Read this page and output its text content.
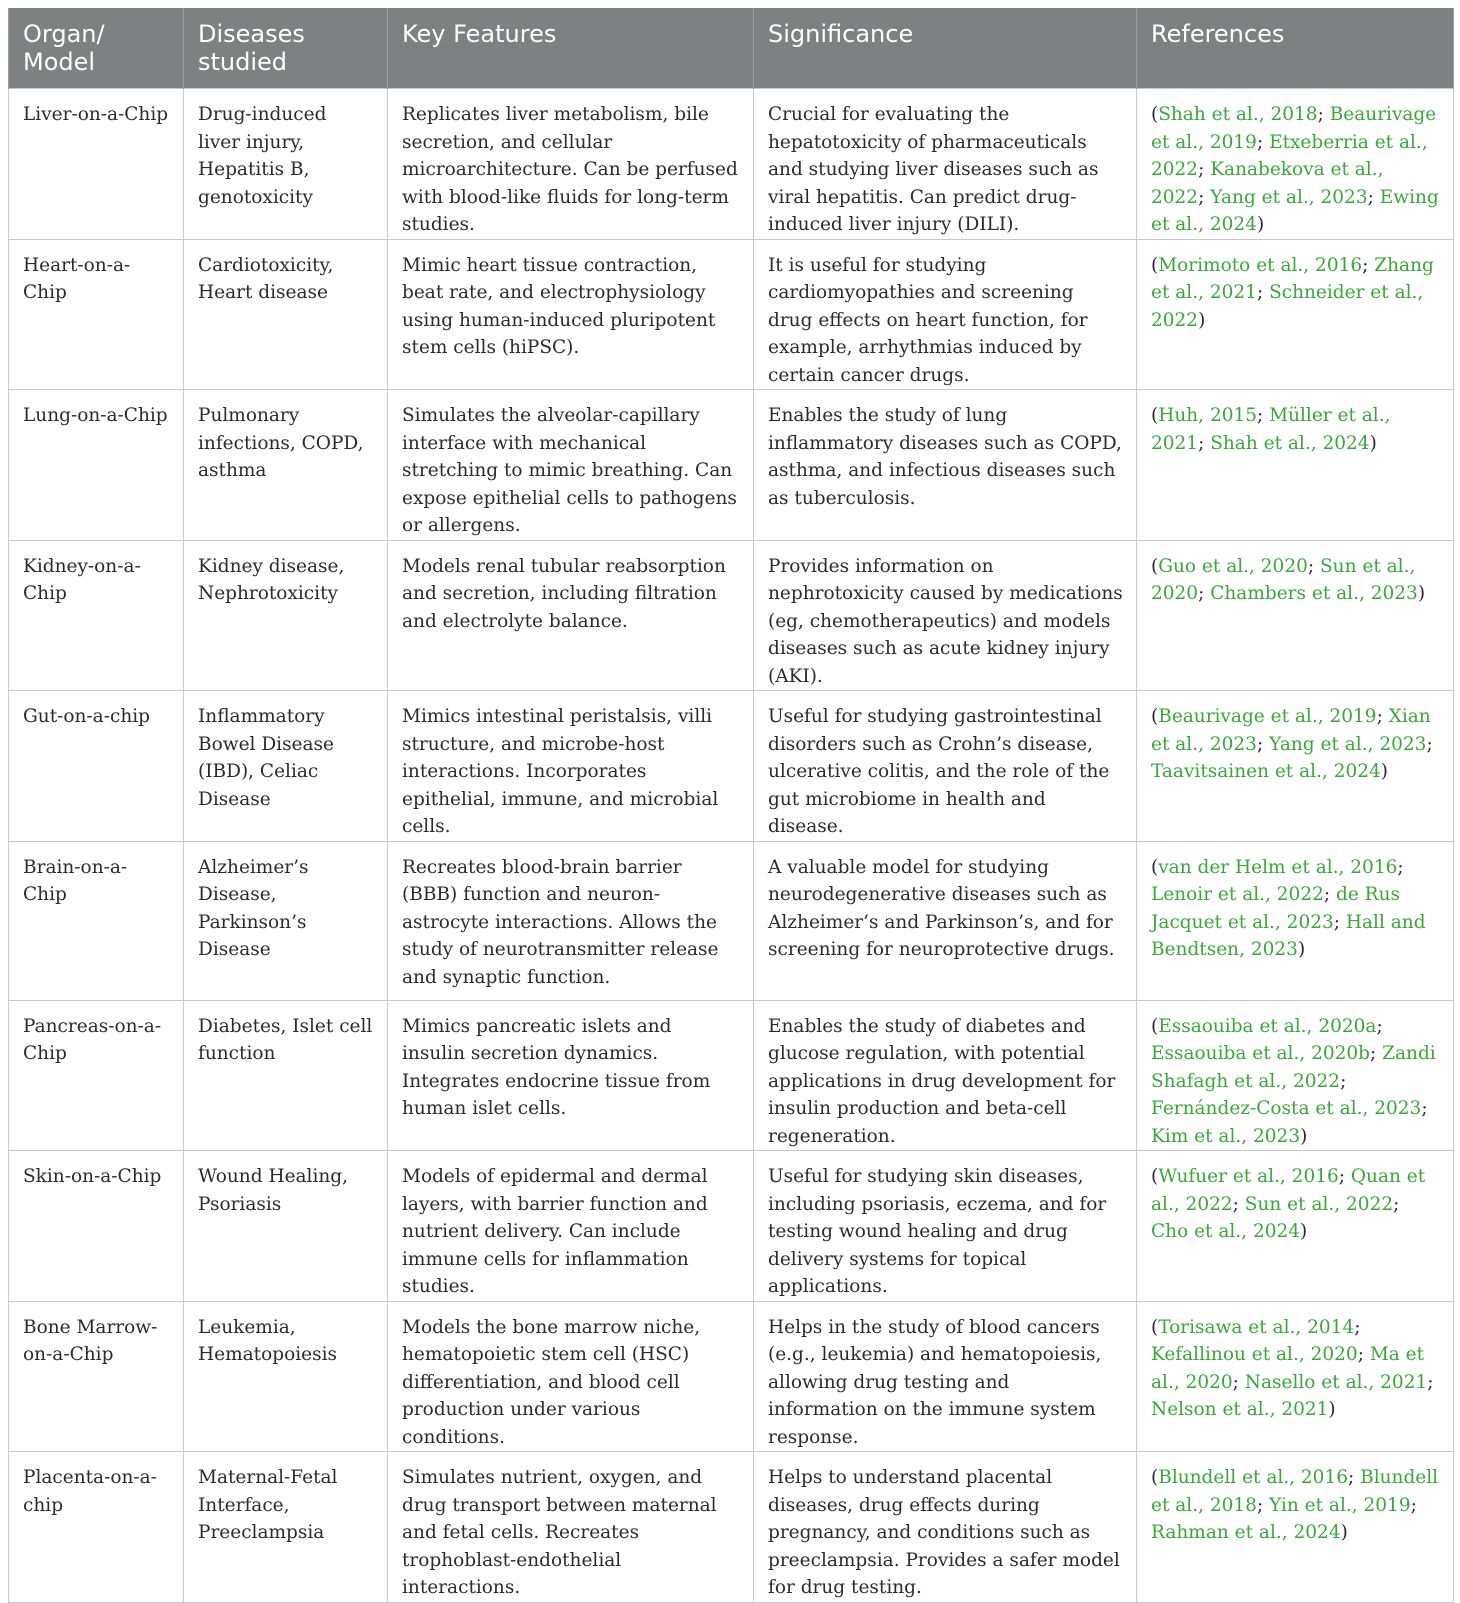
Organ/ Model	Diseases studied	Key Features	Significance	References
Liver-on-a-Chip	Drug-induced liver injury, Hepatitis B, genotoxicity	Replicates liver metabolism, bile secretion, and cellular microarchitecture. Can be perfused with blood-like fluids for long-term studies.	Crucial for evaluating the hepatotoxicity of pharmaceuticals and studying liver diseases such as viral hepatitis. Can predict drug-induced liver injury (DILI).	(Shah et al., 2018; Beaurivage et al., 2019; Etxeberria et al., 2022; Kanabekova et al., 2022; Yang et al., 2023; Ewing et al., 2024)
Heart-on-a-Chip	Cardiotoxicity, Heart disease	Mimic heart tissue contraction, beat rate, and electrophysiology using human-induced pluripotent stem cells (hiPSC).	It is useful for studying cardiomyopathies and screening drug effects on heart function, for example, arrhythmias induced by certain cancer drugs.	(Morimoto et al., 2016; Zhang et al., 2021; Schneider et al., 2022)
Lung-on-a-Chip	Pulmonary infections, COPD, asthma	Simulates the alveolar-capillary interface with mechanical stretching to mimic breathing. Can expose epithelial cells to pathogens or allergens.	Enables the study of lung inflammatory diseases such as COPD, asthma, and infectious diseases such as tuberculosis.	(Huh, 2015; Müller et al., 2021; Shah et al., 2024)
Kidney-on-a-Chip	Kidney disease, Nephrotoxicity	Models renal tubular reabsorption and secretion, including filtration and electrolyte balance.	Provides information on nephrotoxicity caused by medications (eg, chemotherapeutics) and models diseases such as acute kidney injury (AKI).	(Guo et al., 2020; Sun et al., 2020; Chambers et al., 2023)
Gut-on-a-chip	Inflammatory Bowel Disease (IBD), Celiac Disease	Mimics intestinal peristalsis, villi structure, and microbe-host interactions. Incorporates epithelial, immune, and microbial cells.	Useful for studying gastrointestinal disorders such as Crohn’s disease, ulcerative colitis, and the role of the gut microbiome in health and disease.	(Beaurivage et al., 2019; Xian et al., 2023; Yang et al., 2023; Taavitsainen et al., 2024)
Brain-on-a-Chip	Alzheimer’s Disease, Parkinson’s Disease	Recreates blood-brain barrier (BBB) function and neuron-astrocyte interactions. Allows the study of neurotransmitter release and synaptic function.	A valuable model for studying neurodegenerative diseases such as Alzheimer’s and Parkinson’s, and for screening for neuroprotective drugs.	(van der Helm et al., 2016; Lenoir et al., 2022; de Rus Jacquet et al., 2023; Hall and Bendtsen, 2023)
Pancreas-on-a-Chip	Diabetes, Islet cell function	Mimics pancreatic islets and insulin secretion dynamics. Integrates endocrine tissue from human islet cells.	Enables the study of diabetes and glucose regulation, with potential applications in drug development for insulin production and beta-cell regeneration.	(Essaouiba et al., 2020a; Essaouiba et al., 2020b; Zandi Shafagh et al., 2022; Fernández-Costa et al., 2023; Kim et al., 2023)
Skin-on-a-Chip	Wound Healing, Psoriasis	Models of epidermal and dermal layers, with barrier function and nutrient delivery. Can include immune cells for inflammation studies.	Useful for studying skin diseases, including psoriasis, eczema, and for testing wound healing and drug delivery systems for topical applications.	(Wufuer et al., 2016; Quan et al., 2022; Sun et al., 2022; Cho et al., 2024)
Bone Marrow-on-a-Chip	Leukemia, Hematopoiesis	Models the bone marrow niche, hematopoietic stem cell (HSC) differentiation, and blood cell production under various conditions.	Helps in the study of blood cancers (e.g., leukemia) and hematopoiesis, allowing drug testing and information on the immune system response.	(Torisawa et al., 2014; Kefallinou et al., 2020; Ma et al., 2020; Nasello et al., 2021; Nelson et al., 2021)
Placenta-on-a-chip	Maternal-Fetal Interface, Preeclampsia	Simulates nutrient, oxygen, and drug transport between maternal and fetal cells. Recreates trophoblast-endothelial interactions.	Helps to understand placental diseases, drug effects during pregnancy, and conditions such as preeclampsia. Provides a safer model for drug testing.	(Blundell et al., 2016; Blundell et al., 2018; Yin et al., 2019; Rahman et al., 2024)
